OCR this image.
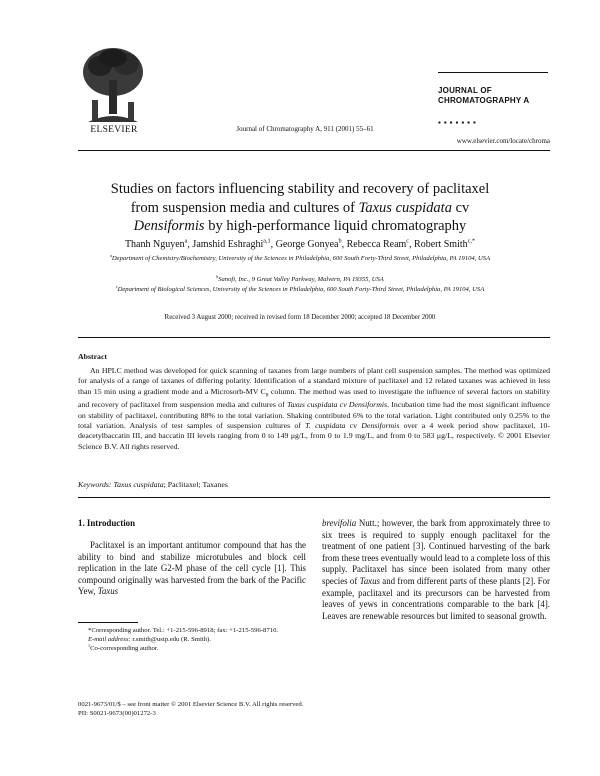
ELSEVIER	Journal of Chromatography A, 911 (2001) 55–61
JOURNAL OF
CHROMATOGRAPHY A
▪▪▪▪▪▪▪
www.elsevier.com/locate/chroma
Studies on factors influencing stability and recovery of paclitaxel from suspension media and cultures of Taxus cuspidata cv Densiformis by high-performance liquid chromatography
Thanh Nguyen$^a$, Jamshid Eshraghi$^{a,1}$, George Gonyea$^b$, Rebecca Ream$^c$, Robert Smith$^{c,*}$
$^a$Department of Chemistry/Biochemistry, University of the Sciences in Philadelphia, 600 South Forty-Third Street, Philadelphia, PA 19104, USA
$^b$Sanofi, Inc., 9 Great Valley Parkway, Malvern, PA 19355, USA
$^c$Department of Biological Sciences, University of the Sciences in Philadelphia, 600 South Forty-Third Street, Philadelphia, PA 19104, USA
Received 3 August 2000; received in revised form 18 December 2000; accepted 18 December 2000
Abstract
An HPLC method was developed for quick scanning of taxanes from large numbers of plant cell suspension samples. The method was optimized for analysis of a range of taxanes of differing polarity. Identification of a standard mixture of paclitaxel and 12 related taxanes was achieved in less than 15 min using a gradient mode and a Microsorb-MV $C_8$ column. The method was used to investigate the influence of several factors on stability and recovery of paclitaxel from suspension media and cultures of Taxus cuspidata cv Densiformis. Incubation time had the most significant influence on stability of paclitaxel, contributing 88% to the total variation. Shaking contributed 6% to the total variation. Light contributed only 0.25% to the total variation. Analysis of test samples of suspension cultures of T. cuspidata cv Densiformis over a 4 week period show paclitaxel, 10-deacetylbaccatin III, and baccatin III levels ranging from 0 to 149 μg/L, from 0 to 1.9 mg/L, and from 0 to 583 μg/L, respectively. © 2001 Elsevier Science B.V. All rights reserved.
Keywords: Taxus cuspidata; Paclitaxel; Taxanes
1. Introduction

Paclitaxel is an important antitumor compound that has the ability to bind and stabilize microtubules and block cell replication in the late G2-M phase of the cell cycle [1]. This compound originally was harvested from the bark of the Pacific Yew, Taxus

brevifolia Nutt.; however, the bark from approximately three to six trees is required to supply enough paclitaxel for the treatment of one patient [3]. Continued harvesting of the bark from these trees eventually would lead to a complete loss of this supply. Paclitaxel has since been isolated from many other species of Taxus and from different parts of these plants [2]. For example, paclitaxel and its precursors can be harvested from leaves of yews in concentrations comparable to the bark [4]. Leaves are renewable resources but limited to seasonal growth.

*Corresponding author. Tel.: +1-215-596-8918; fax: +1-215-596-8710.

E-mail address: r.smith@usip.edu (R. Smith).

$^1$Co-corresponding author.

0021-9673/01/$ – see front matter © 2001 Elsevier Science B.V. All rights reserved.

PII: S0021-9673(00)01272-3
